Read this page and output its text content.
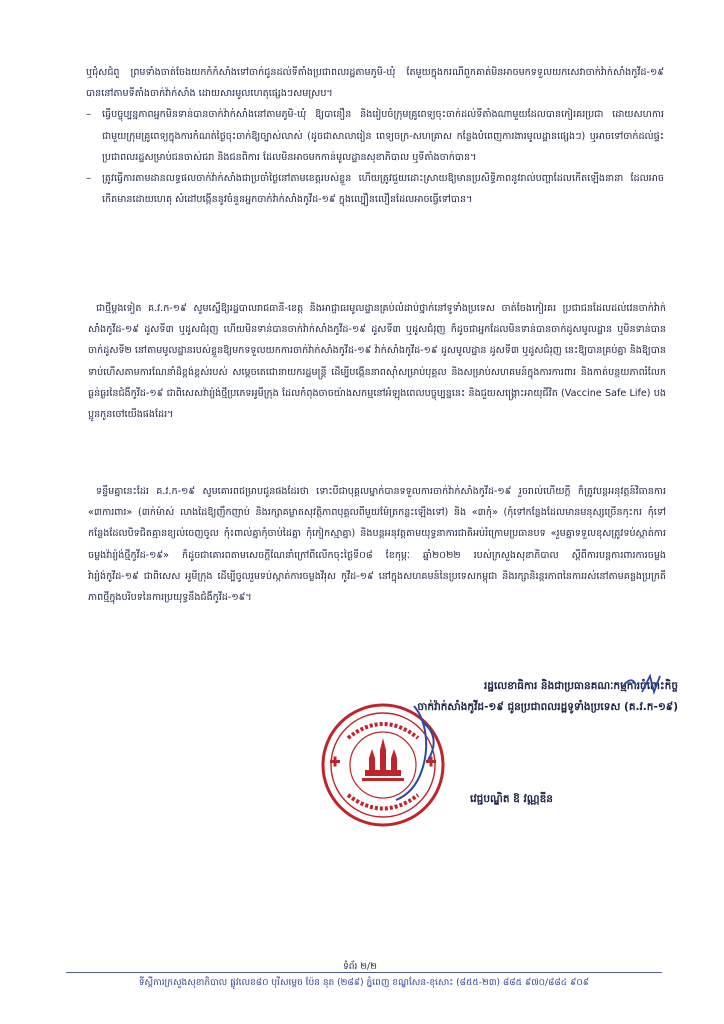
ឬជុំសជំពួ ព្រមទាំងចាត់ចែងយកកំកំសាំងទៅចាក់ជូនដល់ទីតាំងប្រជាពលរដ្ឋតាមភូមិ-ឃុំ តែមួយក្នុងករណីពួកគាត់មិនអាចមកទទួលយកសេវាចាក់វ៉ាក់សាំងកូវីដ-១៩ បាននៅតាមទីតាំងចាក់វ៉ាក់សាំង ដោយសារមូលហេតុផ្សេងៗសមស្រប។

– ធ្វើបច្ចុប្បន្នភាពអ្នកមិនទាន់បានចាក់វ៉ាក់សាំងនៅតាមភូមិ-ឃុំ ឱ្យបានឿន និងរៀបចំក្រុមគ្រូពេទ្យចុះចាក់ដល់ទីតាំងណាមួយដែលបានកៀរគរប្រជា ដោយសហការជាមួយក្រុមគ្រូពេទ្យក្នុងការកំណត់ថ្ងៃចុះចាក់ឱ្យច្បាស់លាស់ (ដូចជាសាលារៀន ពេទ្យចក្រ-សហគ្រាស កន្លែងបំពេញការងារមូលដ្ឋានផ្សេងៗ) ឬអាចទៅចាក់ដល់ផ្ទះប្រជាពលរដ្ឋសម្រាប់ជនចាស់ជរា និងជនពិការ ដែលមិនអាចមកកាន់មូលដ្ឋានសុខាភិបាល ឬទីតាំងចាក់បាន។

– ត្រូវធ្វើការតាមដានលទ្ធផលចាក់វ៉ាក់សាំងជាប្រចាំថ្ងៃនៅតាមខេត្តរបស់ខ្លួន ហើយត្រូវជួយដោះស្រាយឱ្យមានប្រសិទ្ធិភាពនូវរាល់បញ្ហាដែលកើតឡើងនានា ដែលអាចកើតមានដោយហេតុ សំដៅបង្កើននូវចំនួនអ្នកចាក់វ៉ាក់សាំងកូវីដ-១៩ ក្នុងល្បឿនលឿនដែលអាចធ្វើទៅបាន។

ជាថ្មីម្តងទៀត គ.វ.ក-១៩ សូមស្នើឱ្យរដ្ឋបាលរាជធានី-ខេត្ត និងអាជ្ញាធរមូលដ្ឋានគ្រប់លំដាប់ថ្នាក់នៅទូទាំងប្រទេស ចាត់ចែងកៀរគរ ប្រជាជនដែលដល់វេនចាក់វ៉ាក់សាំងកូវីដ-១៩ ដូសទី៣ ឬដូសជំរុញ ហើយមិនទាន់បានចាក់វ៉ាក់សាំងកូវីដ-១៩ ដូសទី៣ ឬដូសជំរុញ ក៏ដូចជាអ្នកដែលមិនទាន់បានចាក់ដូសមូលដ្ឋាន ឬមិនទាន់បានចាក់ដូសទី២ នៅតាមមូលដ្ឋានរបស់ខ្លួនឱ្យមកទទួលយកការចាក់វ៉ាក់សាំងកូវីដ-១៩ វ៉ាក់សាំងកូវីដ-១៩ ដូសមូលដ្ឋាន ដូសទី៣ ឬដូសជំរុញ នេះឱ្យបានគ្រប់គ្នា និងឱ្យបានទាប់ហើសតាមការណែនាំដ៏ខ្ពង់ខ្ពស់របស់ សម្តេចតេជោនាយករដ្ឋមន្ត្រី ដើម្បីបង្កើននាពស៊ាំសម្រាប់បុគ្គល និងសម្រាប់សហគមន៍ក្នុងការការពារ និងកាត់បន្ថយភាពរំលែកធ្ងន់ធ្ងរនៃជំងឺកូវីដ-១៩ ជាពិសេសវ៉ារ្យ៉ង់ថ្មីប្រភេទអូមីក្រុង ដែលកំពុងចាចយ៉ាងសកម្មនៅអំឡុងពេលបច្ចុប្បន្ននេះ និងជួយសង្គ្រោះអាយុជីវិត (Vaccine Safe Life) បងប្អូនកូនចៅយើងផងដែរ។

ទន្ទឹមគ្នានេះដែរ គ.វ.ក-១៩ សូមគោរពជម្រាបជូនផងដែរថា ទោះបីជាបុគ្គលម្នាក់បានទទួលការចាក់វ៉ាក់សាំងកូវីដ-១៩ រួចរាល់ហើយក្តី ក៏ត្រូវបន្តអនុវត្តន៍វិធានការ «៣ការពារ» (៣ក់ម៉ាស់ លាងដៃឱ្យញឹកញាប់ និងរក្សាគម្លាតសុវត្ថិភាពបុគ្គលពីមួយម៉ែត្រកន្លះឡើងទៅ) និង «៣កុំ» (កុំទៅកន្លែងដែលមានមនុស្សច្រើនកុះករ កុំទៅកន្លែងដែលបិទជិតគ្មានខ្យល់ចេញចូល កុំ៖ពាល់គ្នាកុំចាប់ដៃគ្នា កុំកៀកស្មាគ្នា) និងបន្តអនុវត្តតាមយុទ្ធនាការជាតិអប់រំក្រោមប្រធានបទ «រួមគ្នាទទួលខុសត្រូវទប់ស្កាត់ការចម្លងវ៉ារ្យ៉ង់ថ្មីកូវីដ-១៩» ក៏ដូចជាគោរពតាមសេចក្តីណែនាំក្រៅពីលើកចុះថ្ងៃទី០៨ ខែកុម្ភៈ ឆ្នាំ២០២២ របស់ក្រសួងសុខាភិបាល ស្តីពីការបន្តការពារការចម្លងវ៉ារ្យ៉ង់កូវីដ-១៩ ជាពិសេស អូមីក្រុង ដើម្បីចូលរួមទប់ស្កាត់ការចម្លងវីរុស កូវីដ-១៩ នៅក្នុងសហគមន៍នៃប្រទេសកម្ពុជា និងរក្សានិរន្តរភាពនៃការរស់នៅតាមគន្លងប្រក្រតីភាពថ្មីក្នុងបរិបទនៃការប្រយុទ្ធនឹងជំងឺកូវីដ-១៩។

រដ្ឋលេខាធិការ និងជាប្រធានគណៈកម្មការចំពោះកិច្ច
ចាក់វ៉ាក់សាំងកូវីដ-១៩ ជូនប្រជាពលរដ្ឋទូទាំងប្រទេស (គ.វ.ក-១៩)
វេជ្ជបណ្ឌិត ឱ វណ្ណឌីន
ទំព័រ ២/២
ទីស្តីការក្រសួងសុខាភិបាល ផ្លូវលេខ៨០ បុរីសម្តេច ប៉ែន នុត (២៨៩) ភ្នំពេញ ខណ្ឌសែន-ខុសោះ (៨៥៥-២៣) ៨៨៥ ៩៧០/៨៨៤ ៩០៩
